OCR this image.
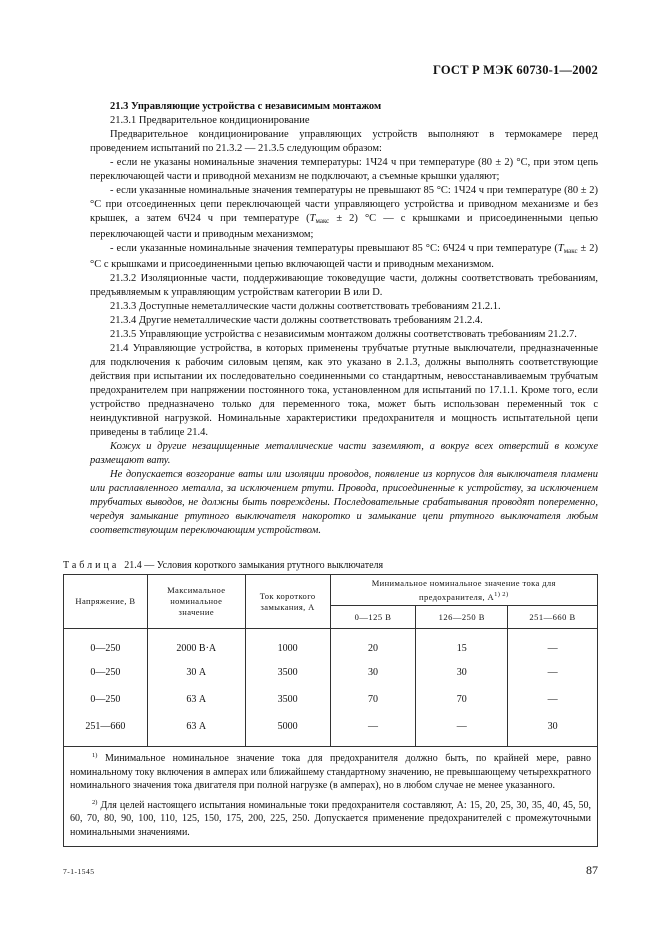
ГОСТ Р МЭК 60730-1—2002

21.3 Управляющие устройства с независимым монтажом

21.3.1 Предварительное кондиционирование

Предварительное кондиционирование управляющих устройств выполняют в термокамере перед проведением испытаний по 21.3.2 — 21.3.5 следующим образом:

- если не указаны номинальные значения температуры: 1Ч24 ч при температуре (80 ± 2) °С, при этом цепь переключающей части и приводной механизм не подключают, а съемные крышки удаляют;

- если указанные номинальные значения температуры не превышают 85 °С: 1Ч24 ч при температуре (80 ± 2) °С при отсоединенных цепи переключающей части управляющего устройства и приводном механизме и без крышек, а затем 6Ч24 ч при температуре $(T_{макс} \pm 2)$ °С — с крышками и присоединенными цепью переключающей части и приводным механизмом;

- если указанные номинальные значения температуры превышают 85 °С: 6Ч24 ч при температуре $(T_{макс} \pm 2)$ °С с крышками и присоединенными цепью включающей части и приводным механизмом.

21.3.2 Изоляционные части, поддерживающие токоведущие части, должны соответствовать требованиям, предъявляемым к управляющим устройствам категории В или D.

21.3.3 Доступные неметаллические части должны соответствовать требованиям 21.2.1.

21.3.4 Другие неметаллические части должны соответствовать требованиям 21.2.4.

21.3.5 Управляющие устройства с независимым монтажом должны соответствовать требованиям 21.2.7.

21.4 Управляющие устройства, в которых применены трубчатые ртутные выключатели, предназначенные для подключения к рабочим силовым цепям, как это указано в 2.1.3, должны выполнять соответствующие действия при испытании их последовательно соединенными со стандартным, невосстанавливаемым трубчатым предохранителем при напряжении постоянного тока, установленном для испытаний по 17.1.1. Кроме того, если устройство предназначено только для переменного тока, может быть использован переменный ток с неиндуктивной нагрузкой. Номинальные характеристики предохранителя и мощность испытательной цепи приведены в таблице 21.4.

Кожух и другие незащищенные металлические части заземляют, а вокруг всех отверстий в кожухе размещают вату.

Не допускается возгорание ваты или изоляции проводов, появление из корпусов для выключателя пламени или расплавленного металла, за исключением ртути. Провода, присоединенные к устройству, за исключением трубчатых выводов, не должны быть повреждены. Последовательные срабатывания проводят попеременно, чередуя замыкание ртутного выключателя накоротко и замыкание цепи ртутного выключателя любым соответствующим переключающим устройством.

Таблица 21.4 — Условия короткого замыкания ртутного выключателя
Напряжение, В	Максимальное номинальное значение	Ток короткого замыкания, А	Минимальное номинальное значение тока для предохранителя, $А^{1) 2)}$
			0—125 В	126—250 В	251—660 В
0—250	2000 В·А	1000	20	15	—
0—250	30 А	3500	30	30	—
0—250	63 А	3500	70	70	—
251—660	63 А	5000	—	—	30

$^{1)}$ Минимальное номинальное значение тока для предохранителя должно быть, по крайней мере, равно номинальному току включения в амперах или ближайшему стандартному значению, не превышающему четырехкратного номинального значения тока двигателя при полной нагрузке (в амперах), но в любом случае не менее указанного.

$^{2)}$ Для целей настоящего испытания номинальные токи предохранителя составляют, А: 15, 20, 25, 30, 35, 40, 45, 50, 60, 70, 80, 90, 100, 110, 125, 150, 175, 200, 225, 250. Допускается применение предохранителей с промежуточными номинальными значениями.					

7-1-1545	87
